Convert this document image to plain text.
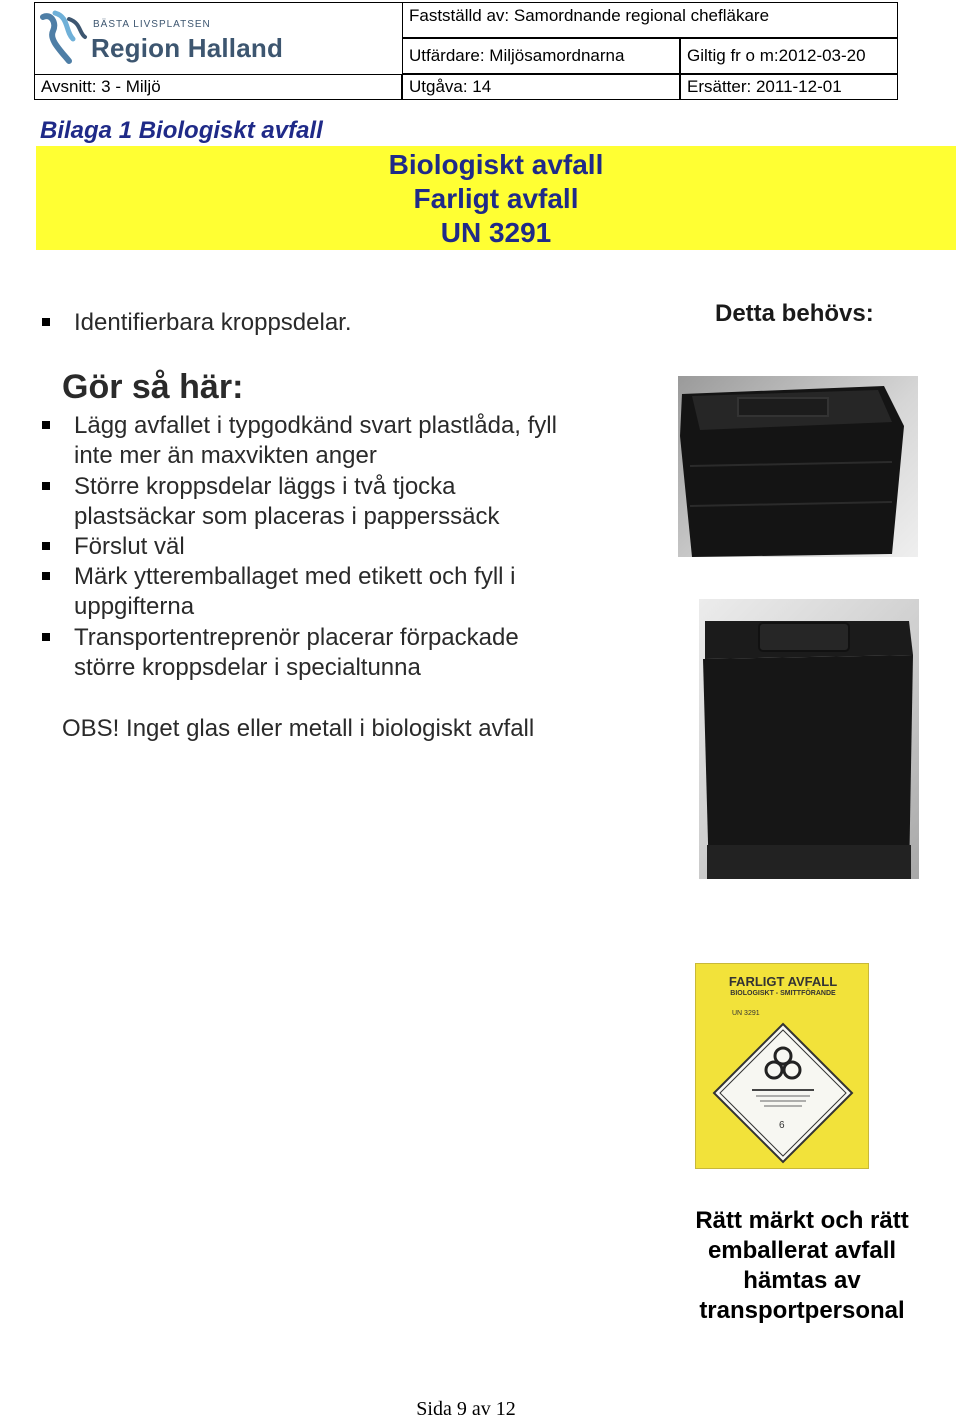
BÄSTA LIVSPLATSEN
Region Halland
Fastställd av: Samordnande regional chefläkare
Utfärdare: Miljösamordnarna	Giltig fr o m:2012-03-20
Avsnitt: 3 - Miljö	Utgåva: 14	Ersätter: 2011-12-01
Bilaga 1 Biologiskt avfall
Biologiskt avfall
Farligt avfall
UN 3291
Identifierbara kroppsdelar.	Detta behövs:
Gör så här:
Lägg avfallet i typgodkänd svart plastlåda, fyll
inte mer än maxvikten anger
Större kroppsdelar läggs i två tjocka
plastsäckar som placeras i papperssäck
Förslut väl
Märk ytteremballaget med etikett och fyll i
uppgifterna
Transportentreprenör placerar förpackade
större kroppsdelar i specialtunna
OBS! Inget glas eller metall i biologiskt avfall
FARLIGT AVFALL
BIOLOGISKT - SMITTFÖRANDE
UN 3291
6
Rätt märkt och rätt
emballerat avfall
hämtas av
transportpersonal
Sida 9 av 12
